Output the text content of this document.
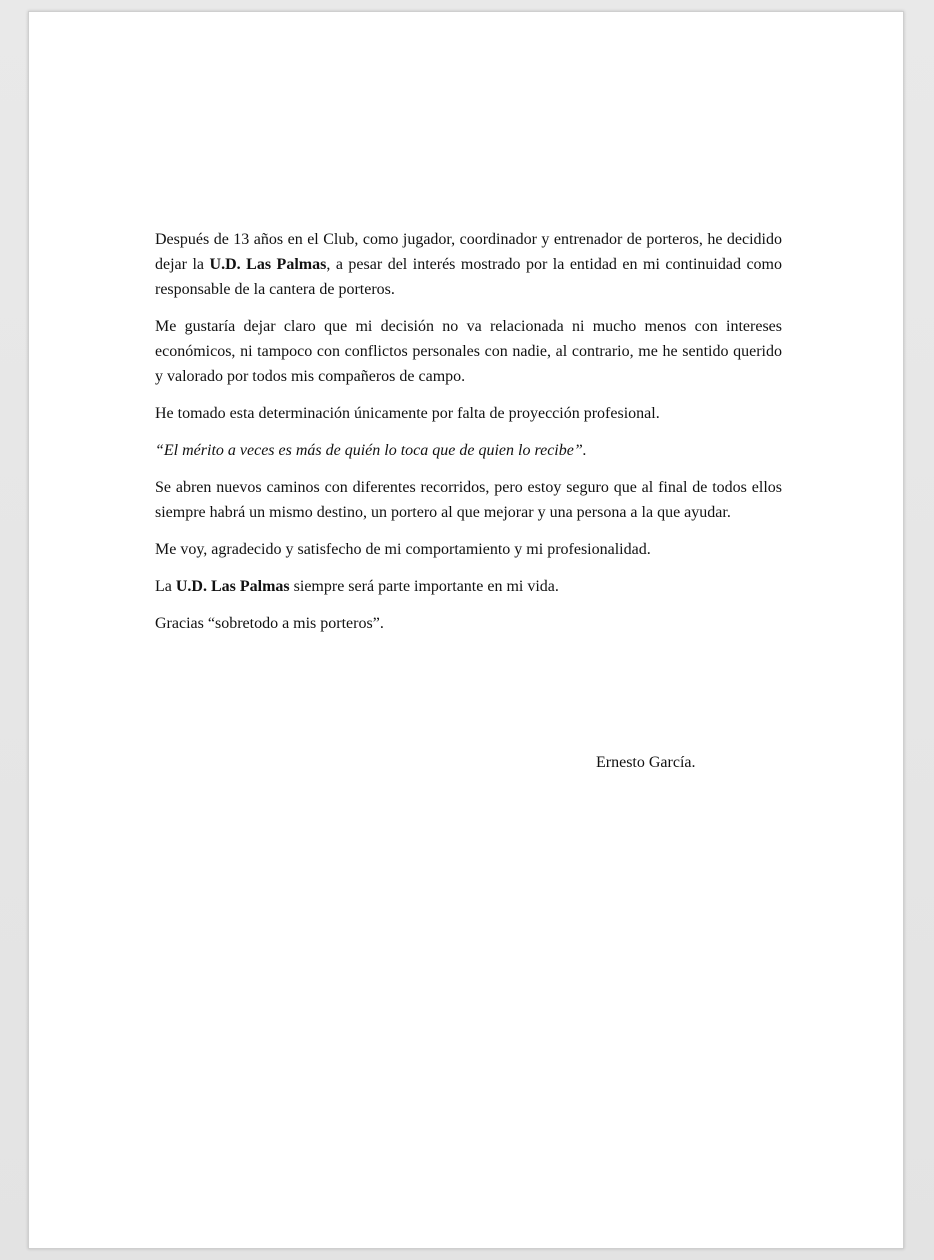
Después de 13 años en el Club, como jugador, coordinador y entrenador de porteros, he decidido dejar la U.D. Las Palmas, a pesar del interés mostrado por la entidad en mi continuidad como responsable de la cantera de porteros.

Me gustaría dejar claro que mi decisión no va relacionada ni mucho menos con intereses económicos, ni tampoco con conflictos personales con nadie, al contrario, me he sentido querido y valorado por todos mis compañeros de campo.

He tomado esta determinación únicamente por falta de proyección profesional.

“El mérito a veces es más de quién lo toca que de quien lo recibe”.

Se abren nuevos caminos con diferentes recorridos, pero estoy seguro que al final de todos ellos siempre habrá un mismo destino, un portero al que mejorar y una persona a la que ayudar.

Me voy, agradecido y satisfecho de mi comportamiento y mi profesionalidad.

La U.D. Las Palmas siempre será parte importante en mi vida.

Gracias “sobretodo a mis porteros”.

Ernesto García.
